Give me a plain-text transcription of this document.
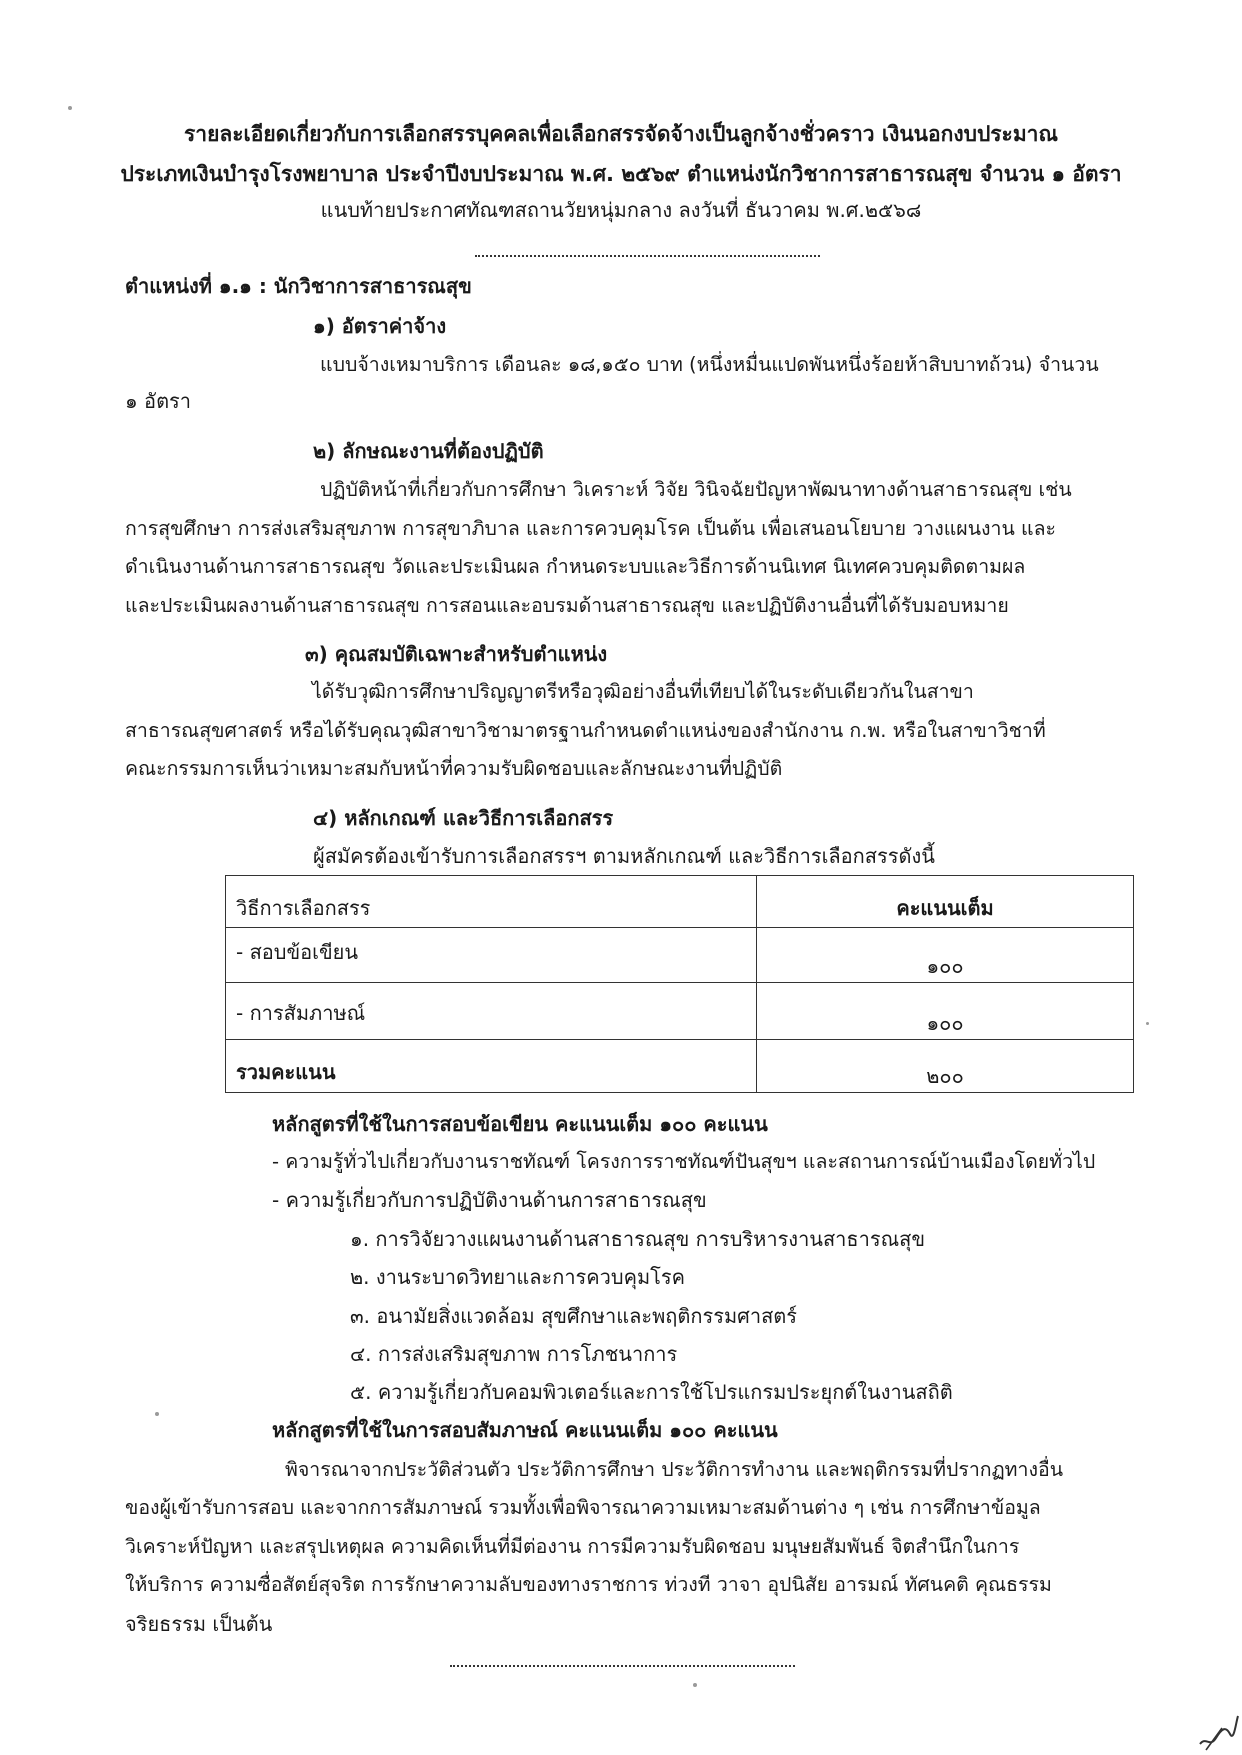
รายละเอียดเกี่ยวกับการเลือกสรรบุคคลเพื่อเลือกสรรจัดจ้างเป็นลูกจ้างชั่วคราว เงินนอกงบประมาณ
ประเภทเงินบำรุงโรงพยาบาล ประจำปีงบประมาณ พ.ศ. ๒๕๖๙ ตำแหน่งนักวิชาการสาธารณสุข จำนวน ๑ อัตรา
แนบท้ายประกาศทัณฑสถานวัยหนุ่มกลาง ลงวันที่ ธันวาคม พ.ศ.๒๕๖๘
ตำแหน่งที่ ๑.๑ : นักวิชาการสาธารณสุข
๑) อัตราค่าจ้าง
แบบจ้างเหมาบริการ เดือนละ ๑๘,๑๕๐ บาท (หนึ่งหมื่นแปดพันหนึ่งร้อยห้าสิบบาทถ้วน) จำนวน
๑ อัตรา
๒) ลักษณะงานที่ต้องปฏิบัติ
ปฏิบัติหน้าที่เกี่ยวกับการศึกษา วิเคราะห์ วิจัย วินิจฉัยปัญหาพัฒนาทางด้านสาธารณสุข เช่น
การสุขศึกษา การส่งเสริมสุขภาพ การสุขาภิบาล และการควบคุมโรค เป็นต้น เพื่อเสนอนโยบาย วางแผนงาน และ
ดำเนินงานด้านการสาธารณสุข วัดและประเมินผล กำหนดระบบและวิธีการด้านนิเทศ นิเทศควบคุมติดตามผล
และประเมินผลงานด้านสาธารณสุข การสอนและอบรมด้านสาธารณสุข และปฏิบัติงานอื่นที่ได้รับมอบหมาย
๓) คุณสมบัติเฉพาะสำหรับตำแหน่ง
ได้รับวุฒิการศึกษาปริญญาตรีหรือวุฒิอย่างอื่นที่เทียบได้ในระดับเดียวกันในสาขา
สาธารณสุขศาสตร์ หรือได้รับคุณวุฒิสาขาวิชามาตรฐานกำหนดตำแหน่งของสำนักงาน ก.พ. หรือในสาขาวิชาที่
คณะกรรมการเห็นว่าเหมาะสมกับหน้าที่ความรับผิดชอบและลักษณะงานที่ปฏิบัติ
๔) หลักเกณฑ์ และวิธีการเลือกสรร
ผู้สมัครต้องเข้ารับการเลือกสรรฯ ตามหลักเกณฑ์ และวิธีการเลือกสรรดังนี้
วิธีการเลือกสรร	คะแนนเต็ม
- สอบข้อเขียน	๑๐๐
- การสัมภาษณ์	๑๐๐
รวมคะแนน	๒๐๐
หลักสูตรที่ใช้ในการสอบข้อเขียน คะแนนเต็ม ๑๐๐ คะแนน
- ความรู้ทั่วไปเกี่ยวกับงานราชทัณฑ์ โครงการราชทัณฑ์ปันสุขฯ และสถานการณ์บ้านเมืองโดยทั่วไป
- ความรู้เกี่ยวกับการปฏิบัติงานด้านการสาธารณสุข
๑. การวิจัยวางแผนงานด้านสาธารณสุข การบริหารงานสาธารณสุข
๒. งานระบาดวิทยาและการควบคุมโรค
๓. อนามัยสิ่งแวดล้อม สุขศึกษาและพฤติกรรมศาสตร์
๔. การส่งเสริมสุขภาพ การโภชนาการ
๕. ความรู้เกี่ยวกับคอมพิวเตอร์และการใช้โปรแกรมประยุกต์ในงานสถิติ
หลักสูตรที่ใช้ในการสอบสัมภาษณ์ คะแนนเต็ม ๑๐๐ คะแนน
พิจารณาจากประวัติส่วนตัว ประวัติการศึกษา ประวัติการทำงาน และพฤติกรรมที่ปรากฏทางอื่น
ของผู้เข้ารับการสอบ และจากการสัมภาษณ์ รวมทั้งเพื่อพิจารณาความเหมาะสมด้านต่าง ๆ เช่น การศึกษาข้อมูล
วิเคราะห์ปัญหา และสรุปเหตุผล ความคิดเห็นที่มีต่องาน การมีความรับผิดชอบ มนุษยสัมพันธ์ จิตสำนึกในการ
ให้บริการ ความซื่อสัตย์สุจริต การรักษาความลับของทางราชการ ท่วงที วาจา อุปนิสัย อารมณ์ ทัศนคติ คุณธรรม
จริยธรรม เป็นต้น
